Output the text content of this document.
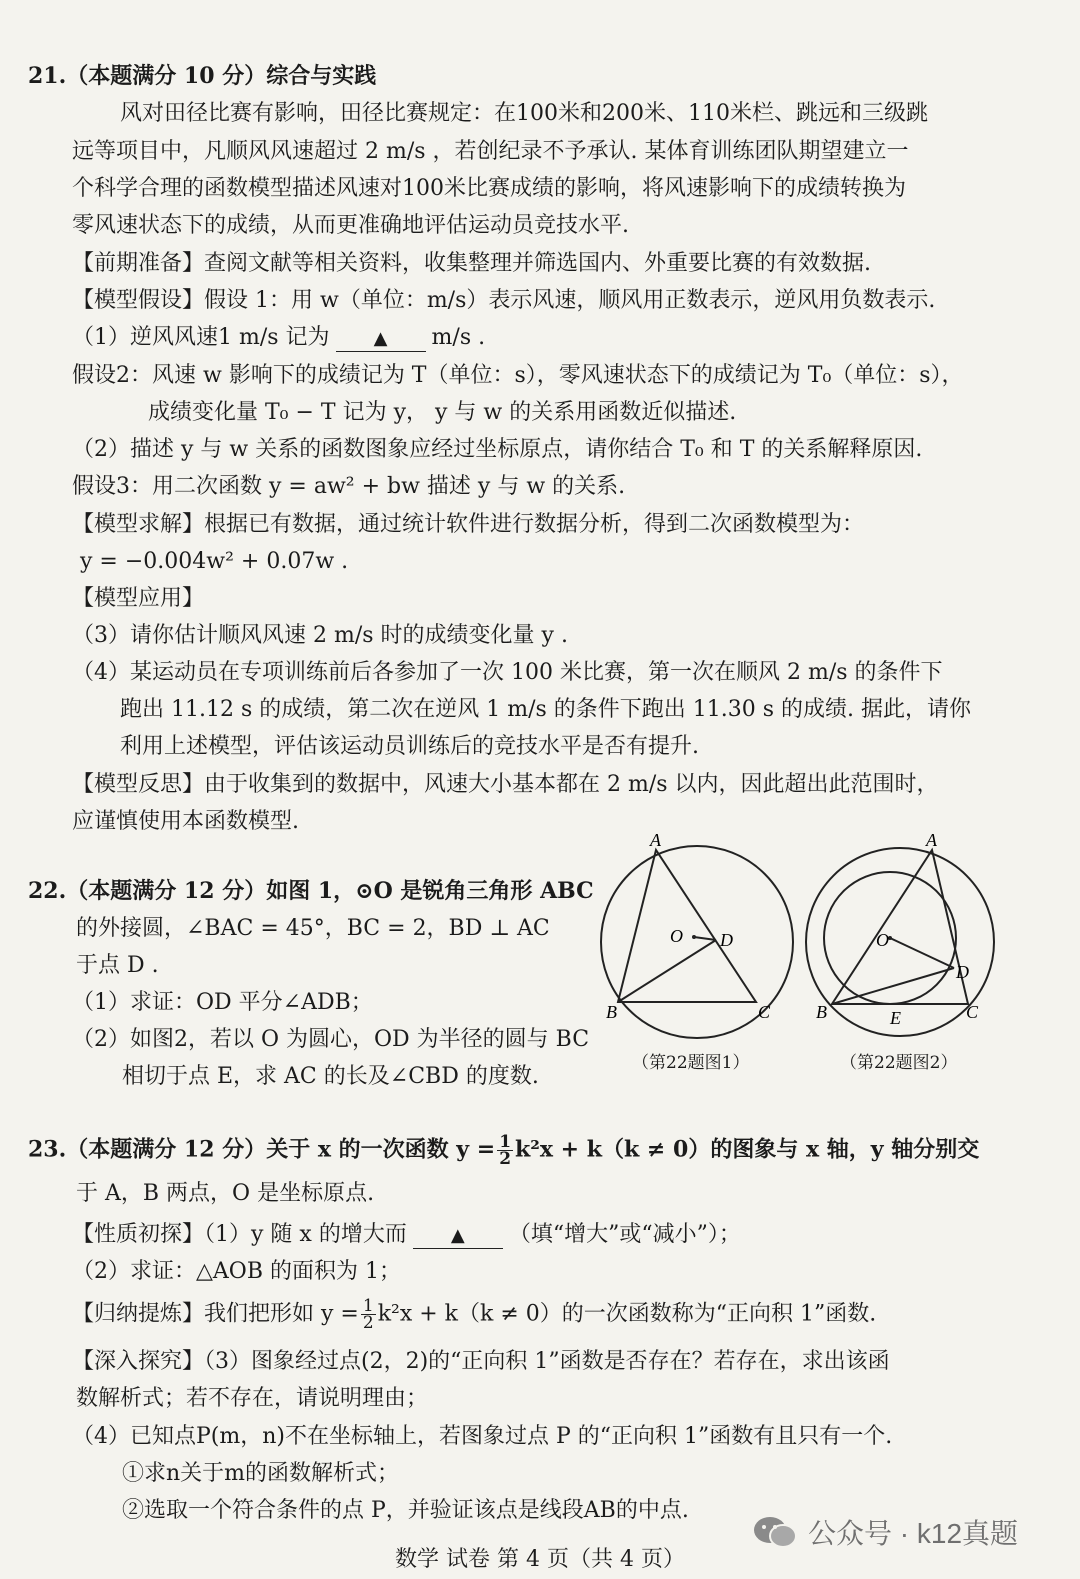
21.（本题满分 10 分）综合与实践
风对田径比赛有影响，田径比赛规定：在100米和200米、110米栏、跳远和三级跳
远等项目中，凡顺风风速超过 2 m/s ，若创纪录不予承认. 某体育训练团队期望建立一
个科学合理的函数模型描述风速对100米比赛成绩的影响，将风速影响下的成绩转换为
零风速状态下的成绩，从而更准确地评估运动员竞技水平.
【前期准备】查阅文献等相关资料，收集整理并筛选国内、外重要比赛的有效数据.
【模型假设】假设 1：用 w（单位：m/s）表示风速，顺风用正数表示，逆风用负数表示.
（1）逆风风速1 m/s 记为 ▲ m/s .
假设2：风速 w 影响下的成绩记为 T（单位：s），零风速状态下的成绩记为 T₀（单位：s），
成绩变化量 T₀ − T 记为 y， y 与 w 的关系用函数近似描述.
（2）描述 y 与 w 关系的函数图象应经过坐标原点，请你结合 T₀ 和 T 的关系解释原因.
假设3：用二次函数 y = aw² + bw 描述 y 与 w 的关系.
【模型求解】根据已有数据，通过统计软件进行数据分析，得到二次函数模型为：
y = −0.004w² + 0.07w .
【模型应用】
（3）请你估计顺风风速 2 m/s 时的成绩变化量 y .
（4）某运动员在专项训练前后各参加了一次 100 米比赛，第一次在顺风 2 m/s 的条件下
跑出 11.12 s 的成绩，第二次在逆风 1 m/s 的条件下跑出 11.30 s 的成绩. 据此，请你
利用上述模型，评估该运动员训练后的竞技水平是否有提升.
【模型反思】由于收集到的数据中，风速大小基本都在 2 m/s 以内，因此超出此范围时，
应谨慎使用本函数模型.
22.（本题满分 12 分）如图 1，⊙O 是锐角三角形 ABC
的外接圆，∠BAC = 45°，BC = 2，BD ⊥ AC
于点 D .
（1）求证：OD 平分∠ADB；
（2）如图2，若以 O 为圆心，OD 为半径的圆与 BC
相切于点 E，求 AC 的长及∠CBD 的度数.
A
B	C
D
O
（第22题图1）
A
B	C
D
O
E
（第22题图2）
23.（本题满分 12 分）关于 x 的一次函数 $y = \frac{1}{2} k^2x + k(k \ne 0)$的图象与 x 轴，y 轴分别交
于 A，B 两点，O 是坐标原点.
【性质初探】（1）y 随 x 的增大而 ▲ （填“增大”或“减小”）；
（2）求证：△AOB 的面积为 1；
【归纳提炼】我们把形如 $y = \frac{1}{2} k^2x + k(k \ne 0)$的一次函数称为“正向积 1”函数.
【深入探究】（3）图象经过点(2，2)的“正向积 1”函数是否存在？若存在，求出该函
数解析式；若不存在，请说明理由；
（4）已知点P(m，n)不在坐标轴上，若图象过点 P 的“正向积 1”函数有且只有一个.
①求n关于m的函数解析式；
②选取一个符合条件的点 P，并验证该点是线段AB的中点.
公众号 · k12真题
数学 试卷 第 4 页（共 4 页）
